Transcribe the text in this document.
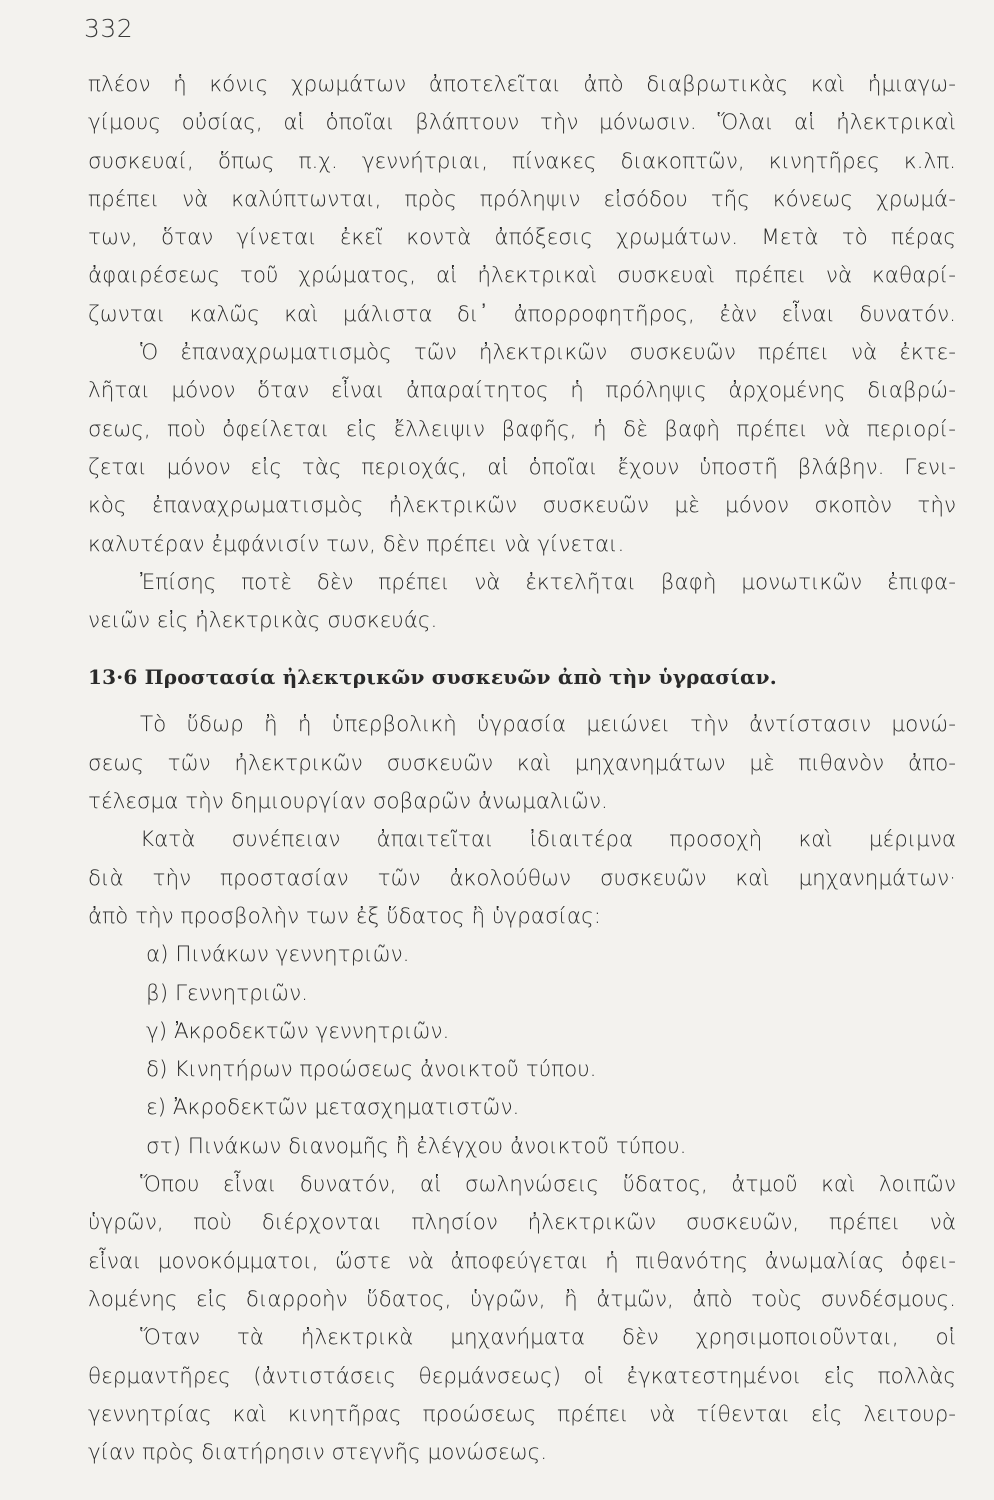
332
πλέον ἡ κόνις χρωμάτων ἀποτελεῖται ἀπὸ διαβρωτικὰς καὶ ἡμιαγω-
γίμους οὐσίας, αἱ ὁποῖαι βλάπτουν τὴν μόνωσιν. Ὅλαι αἱ ἠλεκτρικαὶ
συσκευαί, ὅπως π.χ. γεννήτριαι, πίνακες διακοπτῶν, κινητῆρες κ.λπ.
πρέπει νὰ καλύπτωνται, πρὸς πρόληψιν εἰσόδου τῆς κόνεως χρωμά-
των, ὅταν γίνεται ἐκεῖ κοντὰ ἀπόξεσις χρωμάτων. Μετὰ τὸ πέρας
ἀφαιρέσεως τοῦ χρώματος, αἱ ἠλεκτρικαὶ συσκευαὶ πρέπει νὰ καθαρί-
ζωνται καλῶς καὶ μάλιστα δι᾽ ἀπορροφητῆρος, ἐὰν εἶναι δυνατόν.
Ὁ ἐπαναχρωματισμὸς τῶν ἠλεκτρικῶν συσκευῶν πρέπει νὰ ἐκτε-
λῆται μόνον ὅταν εἶναι ἀπαραίτητος ἡ πρόληψις ἀρχομένης διαβρώ-
σεως, ποὺ ὀφείλεται εἰς ἔλλειψιν βαφῆς, ἡ δὲ βαφὴ πρέπει νὰ περιορί-
ζεται μόνον εἰς τὰς περιοχάς, αἱ ὁποῖαι ἔχουν ὑποστῆ βλάβην. Γενι-
κὸς ἐπαναχρωματισμὸς ἠλεκτρικῶν συσκευῶν μὲ μόνον σκοπὸν τὴν
καλυτέραν ἐμφάνισίν των, δὲν πρέπει νὰ γίνεται.
Ἐπίσης ποτὲ δὲν πρέπει νὰ ἐκτελῆται βαφὴ μονωτικῶν ἐπιφα-
νειῶν εἰς ἠλεκτρικὰς συσκευάς.
13·6 Προστασία ἠλεκτρικῶν συσκευῶν ἀπὸ τὴν ὑγρασίαν.
Τὸ ὕδωρ ἢ ἡ ὑπερβολικὴ ὑγρασία μειώνει τὴν ἀντίστασιν μονώ-
σεως τῶν ἠλεκτρικῶν συσκευῶν καὶ μηχανημάτων μὲ πιθανὸν ἀπο-
τέλεσμα τὴν δημιουργίαν σοβαρῶν ἀνωμαλιῶν.
Κατὰ συνέπειαν ἀπαιτεῖται ἰδιαιτέρα προσοχὴ καὶ μέριμνα
διὰ τὴν προστασίαν τῶν ἀκολούθων συσκευῶν καὶ μηχανημάτων·
ἀπὸ τὴν προσβολὴν των ἐξ ὕδατος ἢ ὑγρασίας:
α) Πινάκων γεννητριῶν.
β) Γεννητριῶν.
γ) Ἀκροδεκτῶν γεννητριῶν.
δ) Κινητήρων προώσεως ἀνοικτοῦ τύπου.
ε) Ἀκροδεκτῶν μετασχηματιστῶν.
στ) Πινάκων διανομῆς ἢ ἐλέγχου ἀνοικτοῦ τύπου.
Ὅπου εἶναι δυνατόν, αἱ σωληνώσεις ὕδατος, ἀτμοῦ καὶ λοιπῶν
ὑγρῶν, ποὺ διέρχονται πλησίον ἠλεκτρικῶν συσκευῶν, πρέπει νὰ
εἶναι μονοκόμματοι, ὥστε νὰ ἀποφεύγεται ἡ πιθανότης ἀνωμαλίας ὀφει-
λομένης εἰς διαρροὴν ὕδατος, ὑγρῶν, ἢ ἀτμῶν, ἀπὸ τοὺς συνδέσμους.
Ὅταν τὰ ἠλεκτρικὰ μηχανήματα δὲν χρησιμοποιοῦνται, οἱ
θερμαντῆρες (ἀντιστάσεις θερμάνσεως) οἱ ἐγκατεστημένοι εἰς πολλὰς
γεννητρίας καὶ κινητῆρας προώσεως πρέπει νὰ τίθενται εἰς λειτουρ-
γίαν πρὸς διατήρησιν στεγνῆς μονώσεως.
